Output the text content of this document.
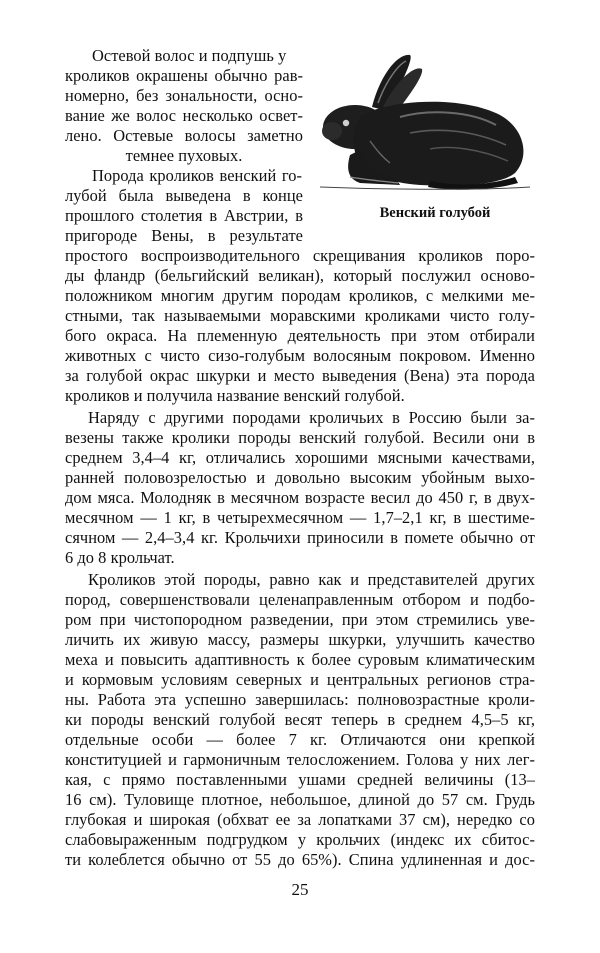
Остевой волос и подпушь у
кроликов окрашены обычно рав-
номерно, без зональности, осно-
вание же волос несколько освет-
лено. Остевые волосы заметно
темнее пуховых.
Порода кроликов венский го-
лубой была выведена в конце
прошлого столетия в Австрии, в
пригороде Вены, в результате
простого воспроизводительного скрещивания кроликов поро-
ды фландр (бельгийский великан), который послужил осново-
положником многим другим породам кроликов, с мелкими ме-
стными, так называемыми моравскими кроликами чисто голу-
бого окраса. На племенную деятельность при этом отбирали
животных с чисто сизо-голубым волосяным покровом. Именно
за голубой окрас шкурки и место выведения (Вена) эта порода
кроликов и получила название венский голубой.
Наряду с другими породами кроличьих в Россию были за-
везены также кролики породы венский голубой. Весили они в
среднем 3,4–4 кг, отличались хорошими мясными качествами,
ранней половозрелостью и довольно высоким убойным выхо-
дом мяса. Молодняк в месячном возрасте весил до 450 г, в двух-
месячном — 1 кг, в четырехмесячном — 1,7–2,1 кг, в шестиме-
сячном — 2,4–3,4 кг. Крольчихи приносили в помете обычно от
6 до 8 крольчат.
Кроликов этой породы, равно как и представителей других
пород, совершенствовали целенаправленным отбором и подбо-
ром при чистопородном разведении, при этом стремились уве-
личить их живую массу, размеры шкурки, улучшить качество
меха и повысить адаптивность к более суровым климатическим
и кормовым условиям северных и центральных регионов стра-
ны. Работа эта успешно завершилась: полновозрастные кроли-
ки породы венский голубой весят теперь в среднем 4,5–5 кг,
отдельные особи — более 7 кг. Отличаются они крепкой
конституцией и гармоничным телосложением. Голова у них лег-
кая, с прямо поставленными ушами средней величины (13–
16 см). Туловище плотное, небольшое, длиной до 57 см. Грудь
глубокая и широкая (обхват ее за лопатками 37 см), нередко со
слабовыраженным подгрудком у крольчих (индекс их сбитос-
ти колеблется обычно от 55 до 65%). Спина удлиненная и дос-
Венский голубой
25
